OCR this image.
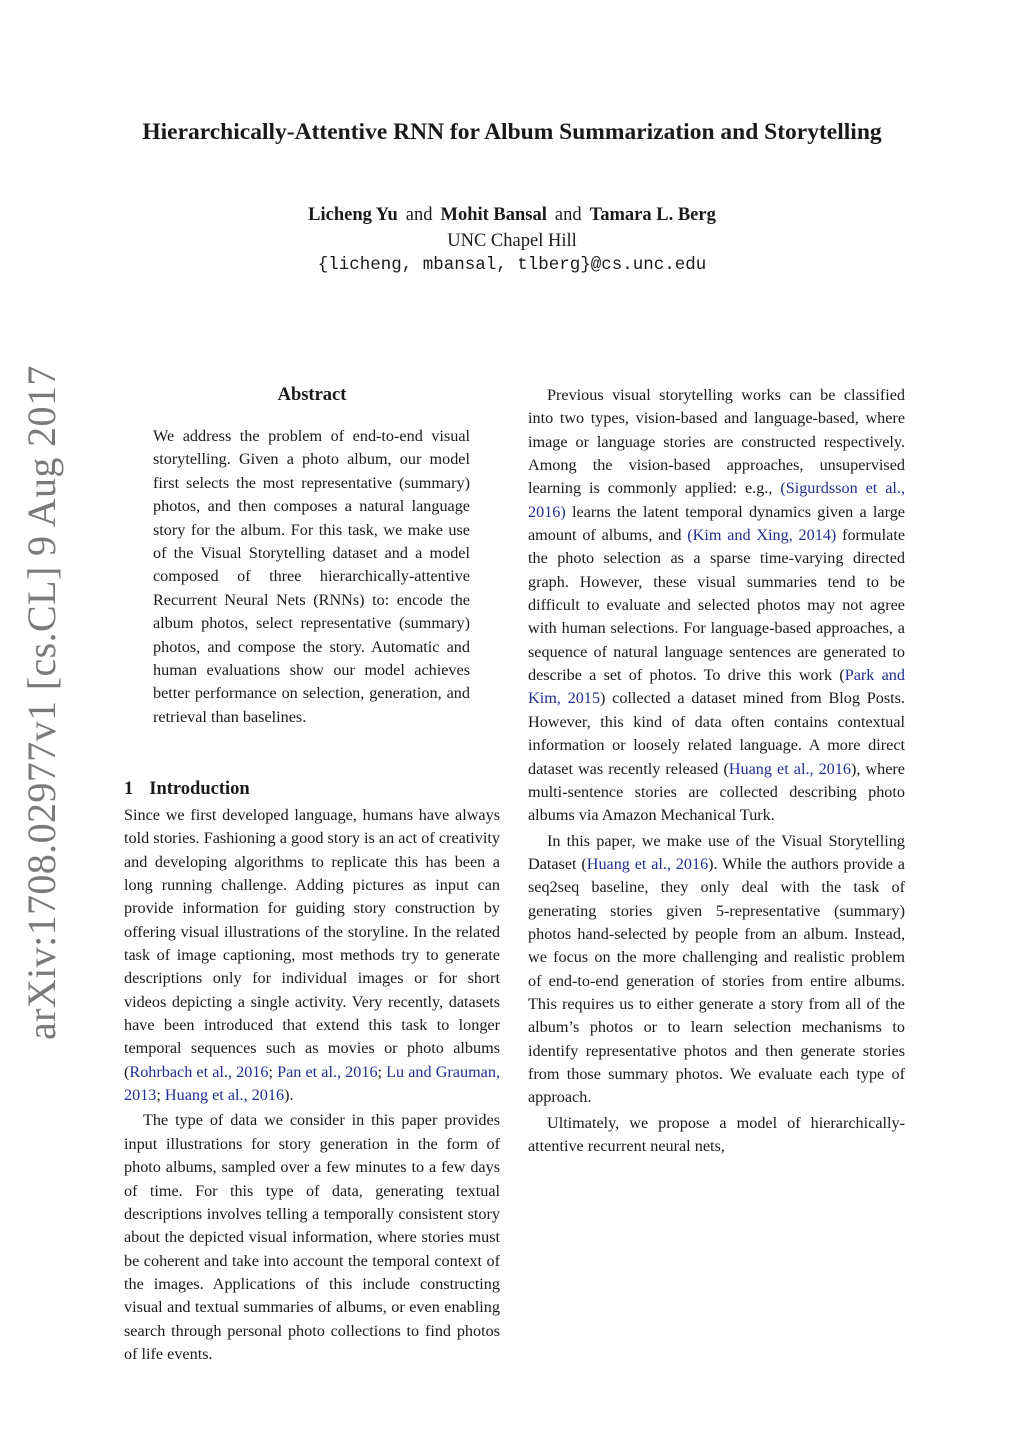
arXiv:1708.02977v1 [cs.CL] 9 Aug 2017
Hierarchically-Attentive RNN for Album Summarization and Storytelling
Licheng Yu and Mohit Bansal and Tamara L. Berg
UNC Chapel Hill
{licheng, mbansal, tlberg}@cs.unc.edu
Abstract
We address the problem of end-to-end visual storytelling. Given a photo album, our model first selects the most representative (summary) photos, and then composes a natural language story for the album. For this task, we make use of the Visual Storytelling dataset and a model composed of three hierarchically-attentive Recurrent Neural Nets (RNNs) to: encode the album photos, select representative (summary) photos, and compose the story. Automatic and human evaluations show our model achieves better performance on selection, generation, and retrieval than baselines.
1 Introduction

Since we first developed language, humans have always told stories. Fashioning a good story is an act of creativity and developing algorithms to replicate this has been a long running challenge. Adding pictures as input can provide information for guiding story construction by offering visual illustrations of the storyline. In the related task of image captioning, most methods try to generate descriptions only for individual images or for short videos depicting a single activity. Very recently, datasets have been introduced that extend this task to longer temporal sequences such as movies or photo albums (Rohrbach et al., 2016; Pan et al., 2016; Lu and Grauman, 2013; Huang et al., 2016).

The type of data we consider in this paper provides input illustrations for story generation in the form of photo albums, sampled over a few minutes to a few days of time. For this type of data, generating textual descriptions involves telling a temporally consistent story about the depicted visual information, where stories must be coherent and take into account the temporal context of the images. Applications of this include constructing visual and textual summaries of albums, or even enabling search through personal photo collections to find photos of life events.

Previous visual storytelling works can be classified into two types, vision-based and language-based, where image or language stories are constructed respectively. Among the vision-based approaches, unsupervised learning is commonly applied: e.g., (Sigurdsson et al., 2016) learns the latent temporal dynamics given a large amount of albums, and (Kim and Xing, 2014) formulate the photo selection as a sparse time-varying directed graph. However, these visual summaries tend to be difficult to evaluate and selected photos may not agree with human selections. For language-based approaches, a sequence of natural language sentences are generated to describe a set of photos. To drive this work (Park and Kim, 2015) collected a dataset mined from Blog Posts. However, this kind of data often contains contextual information or loosely related language. A more direct dataset was recently released (Huang et al., 2016), where multi-sentence stories are collected describing photo albums via Amazon Mechanical Turk.

In this paper, we make use of the Visual Storytelling Dataset (Huang et al., 2016). While the authors provide a seq2seq baseline, they only deal with the task of generating stories given 5-representative (summary) photos hand-selected by people from an album. Instead, we focus on the more challenging and realistic problem of end-to-end generation of stories from entire albums. This requires us to either generate a story from all of the album’s photos or to learn selection mechanisms to identify representative photos and then generate stories from those summary photos. We evaluate each type of approach.

Ultimately, we propose a model of hierarchically-attentive recurrent neural nets,
